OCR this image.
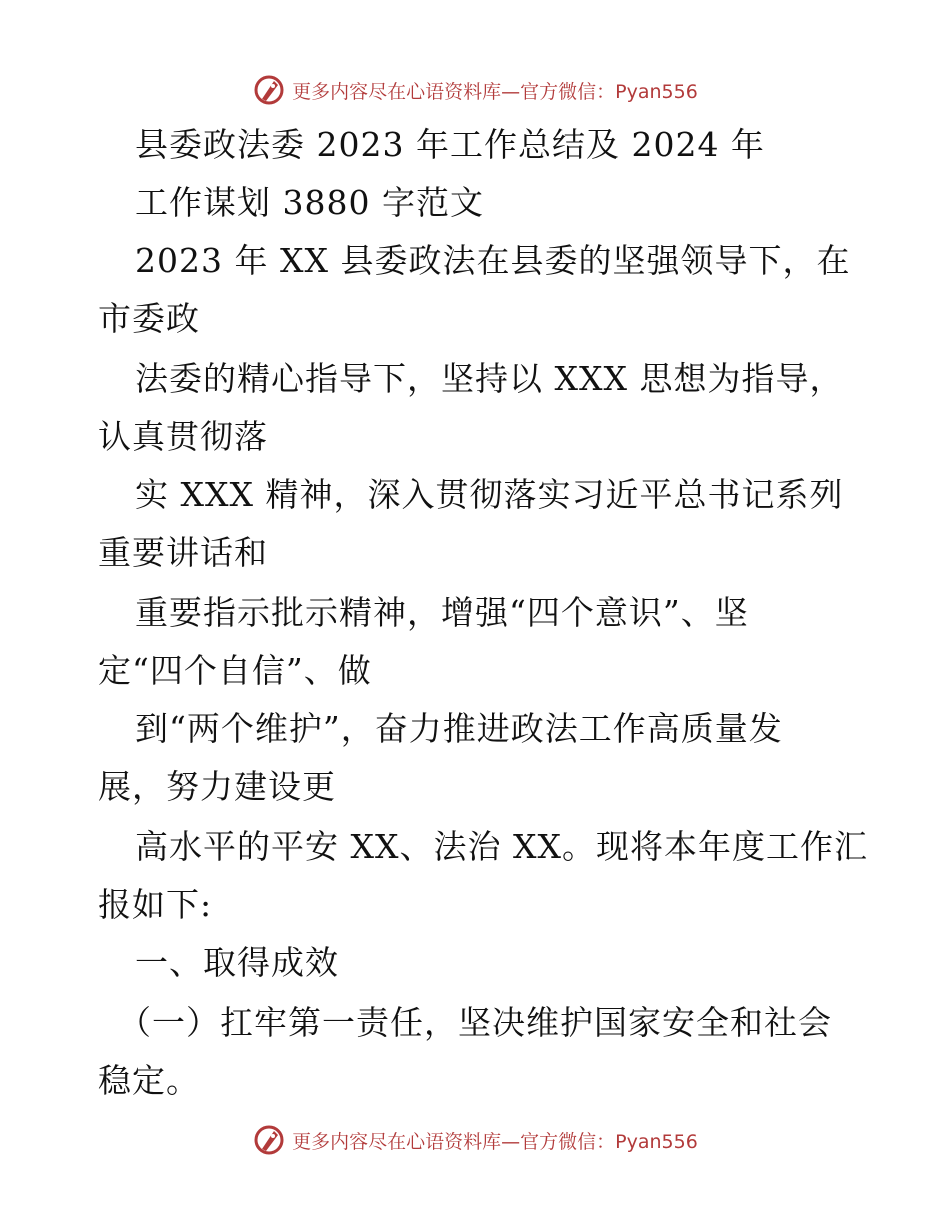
更多内容尽在心语资料库—官方微信：Pyan556
县委政法委 2023 年工作总结及 2024 年
工作谋划 3880 字范文
2023 年 XX 县委政法在县委的坚强领导下，在
市委政
法委的精心指导下，坚持以 XXX 思想为指导，
认真贯彻落
实 XXX 精神，深入贯彻落实习近平总书记系列
重要讲话和
重要指示批示精神，增强“四个意识”、坚
定“四个自信”、做
到“两个维护”，奋力推进政法工作高质量发
展，努力建设更
高水平的平安 XX、法治 XX。现将本年度工作汇
报如下:
一、取得成效
（一）扛牢第一责任，坚决维护国家安全和社会
稳定。
更多内容尽在心语资料库—官方微信：Pyan556
